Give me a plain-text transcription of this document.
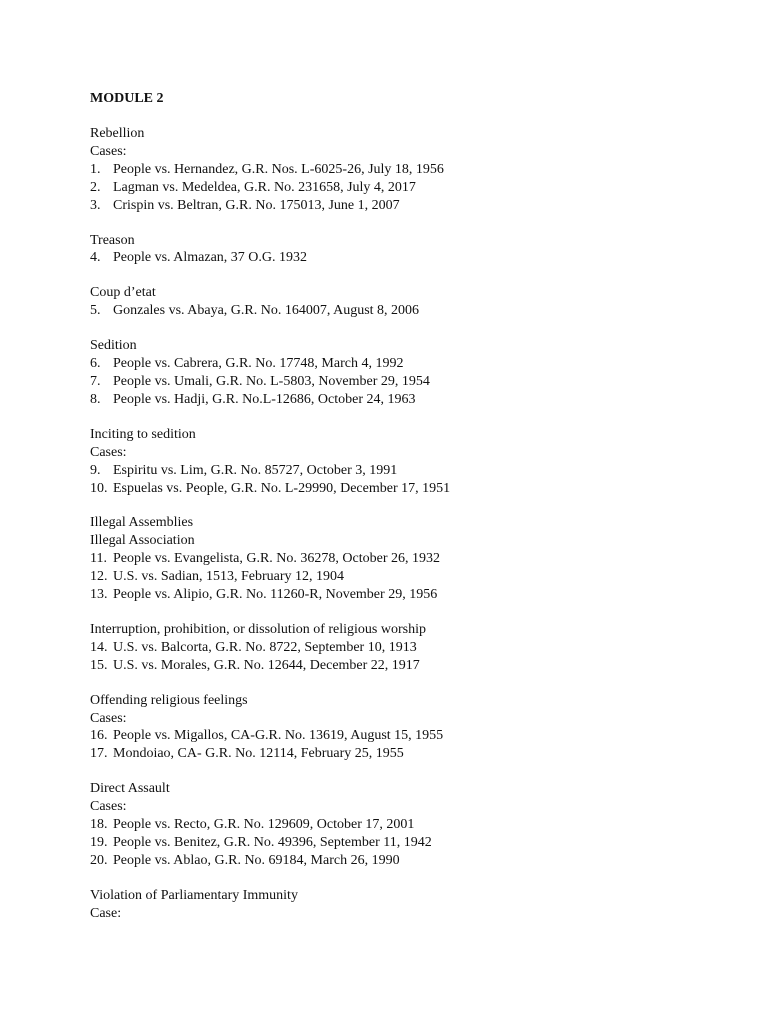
MODULE 2
Rebellion
Cases:
1. People vs. Hernandez, G.R. Nos. L-6025-26, July 18, 1956
2. Lagman vs. Medeldea, G.R. No. 231658, July 4, 2017
3. Crispin vs. Beltran, G.R. No. 175013, June 1, 2007
Treason
4. People vs. Almazan, 37 O.G. 1932
Coup d’etat
5. Gonzales vs. Abaya, G.R. No. 164007, August 8, 2006
Sedition
6. People vs. Cabrera, G.R. No. 17748, March 4, 1992
7. People vs. Umali, G.R. No. L-5803, November 29, 1954
8. People vs. Hadji, G.R. No.L-12686, October 24, 1963
Inciting to sedition
Cases:
9. Espiritu vs. Lim, G.R. No. 85727, October 3, 1991
10. Espuelas vs. People, G.R. No. L-29990, December 17, 1951
Illegal Assemblies
Illegal Association
11. People vs. Evangelista, G.R. No. 36278, October 26, 1932
12. U.S. vs. Sadian, 1513, February 12, 1904
13. People vs. Alipio, G.R. No. 11260-R, November 29, 1956
Interruption, prohibition, or dissolution of religious worship
14. U.S. vs. Balcorta, G.R. No. 8722, September 10, 1913
15. U.S. vs. Morales, G.R. No. 12644, December 22, 1917
Offending religious feelings
Cases:
16. People vs. Migallos, CA-G.R. No. 13619, August 15, 1955
17. Mondoiao, CA- G.R. No. 12114, February 25, 1955
Direct Assault
Cases:
18. People vs. Recto, G.R. No. 129609, October 17, 2001
19. People vs. Benitez, G.R. No. 49396, September 11, 1942
20. People vs. Ablao, G.R. No. 69184, March 26, 1990
Violation of Parliamentary Immunity
Case:
